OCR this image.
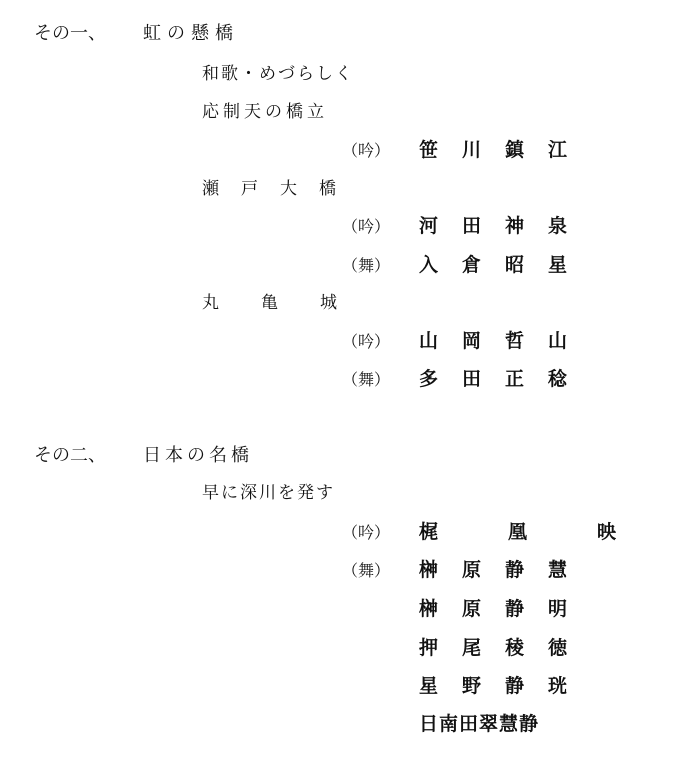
その一、 虹の懸橋
和歌・めづらしく
応制天の橋立
（吟） 笹川鎮江
瀬戸大橋
（吟） 河田神泉
（舞） 入倉昭星
丸亀城
（吟） 山岡哲山
（舞） 多田正稔
その二、 日本の名橋
早に深川を発す
（吟） 梶凰映
（舞） 榊原静慧
榊原静明
押尾稜徳
星野静珖
日南田翠慧静
